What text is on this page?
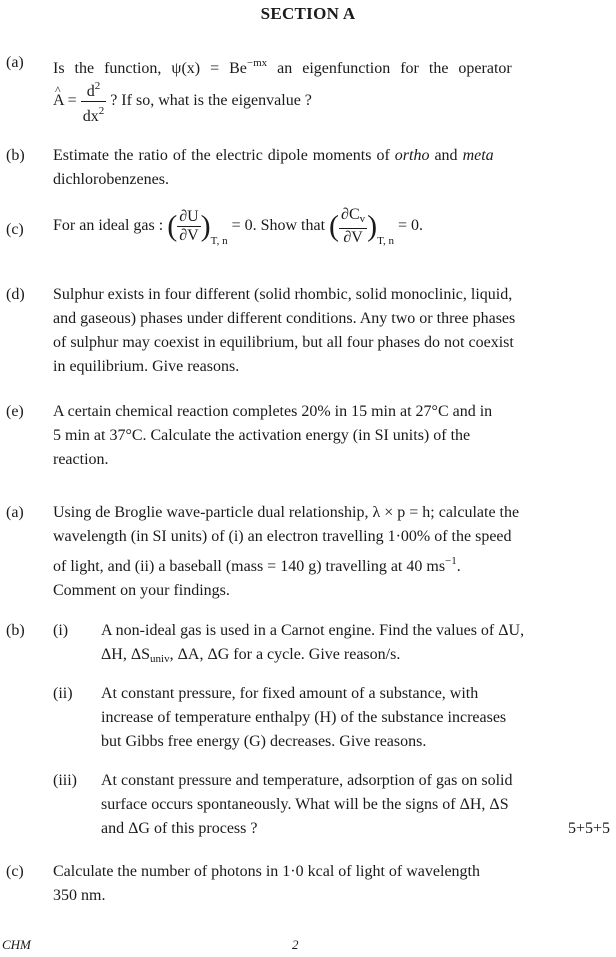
SECTION A
(a) Is the function, $\psi(x) = Be^{-mx}$ an eigenfunction for the operator
^ $A = \frac{d^2}{dx^2}$ ? If so, what is the eigenvalue ?
(b) Estimate the ratio of the electric dipole moments of ortho and meta
dichlorobenzenes.
(c) For an ideal gas : ( $\frac{\partial U}{\partial V} )_{T, n} = 0$. Show that ( $\frac{\partial C_v}{\partial V} )_{T, n} = 0$.
(d) Sulphur exists in four different (solid rhombic, solid monoclinic, liquid,
and gaseous) phases under different conditions. Any two or three phases
of sulphur may coexist in equilibrium, but all four phases do not coexist
in equilibrium. Give reasons.
(e) A certain chemical reaction completes 20% in 15 min at 27°C and in
5 min at 37°C. Calculate the activation energy (in SI units) of the
reaction.
(a) Using de Broglie wave-particle dual relationship, λ × p = h; calculate the
wavelength (in SI units) of (i) an electron travelling 1·00% of the speed
of light, and (ii) a baseball (mass = 140 g) travelling at 40 $ms^{-1}$.
Comment on your findings.
(b) (i) A non-ideal gas is used in a Carnot engine. Find the values of ΔU,
ΔH, $\Delta S_{univ}$, ΔA, ΔG for a cycle. Give reason/s.
(ii) At constant pressure, for fixed amount of a substance, with
increase of temperature enthalpy (H) of the substance increases
but Gibbs free energy (G) decreases. Give reasons.
(iii) At constant pressure and temperature, adsorption of gas on solid
surface occurs spontaneously. What will be the signs of ΔH, ΔS
and ΔG of this process ?	5+5+5
(c) Calculate the number of photons in 1·0 kcal of light of wavelength
350 nm.
CHM	2
